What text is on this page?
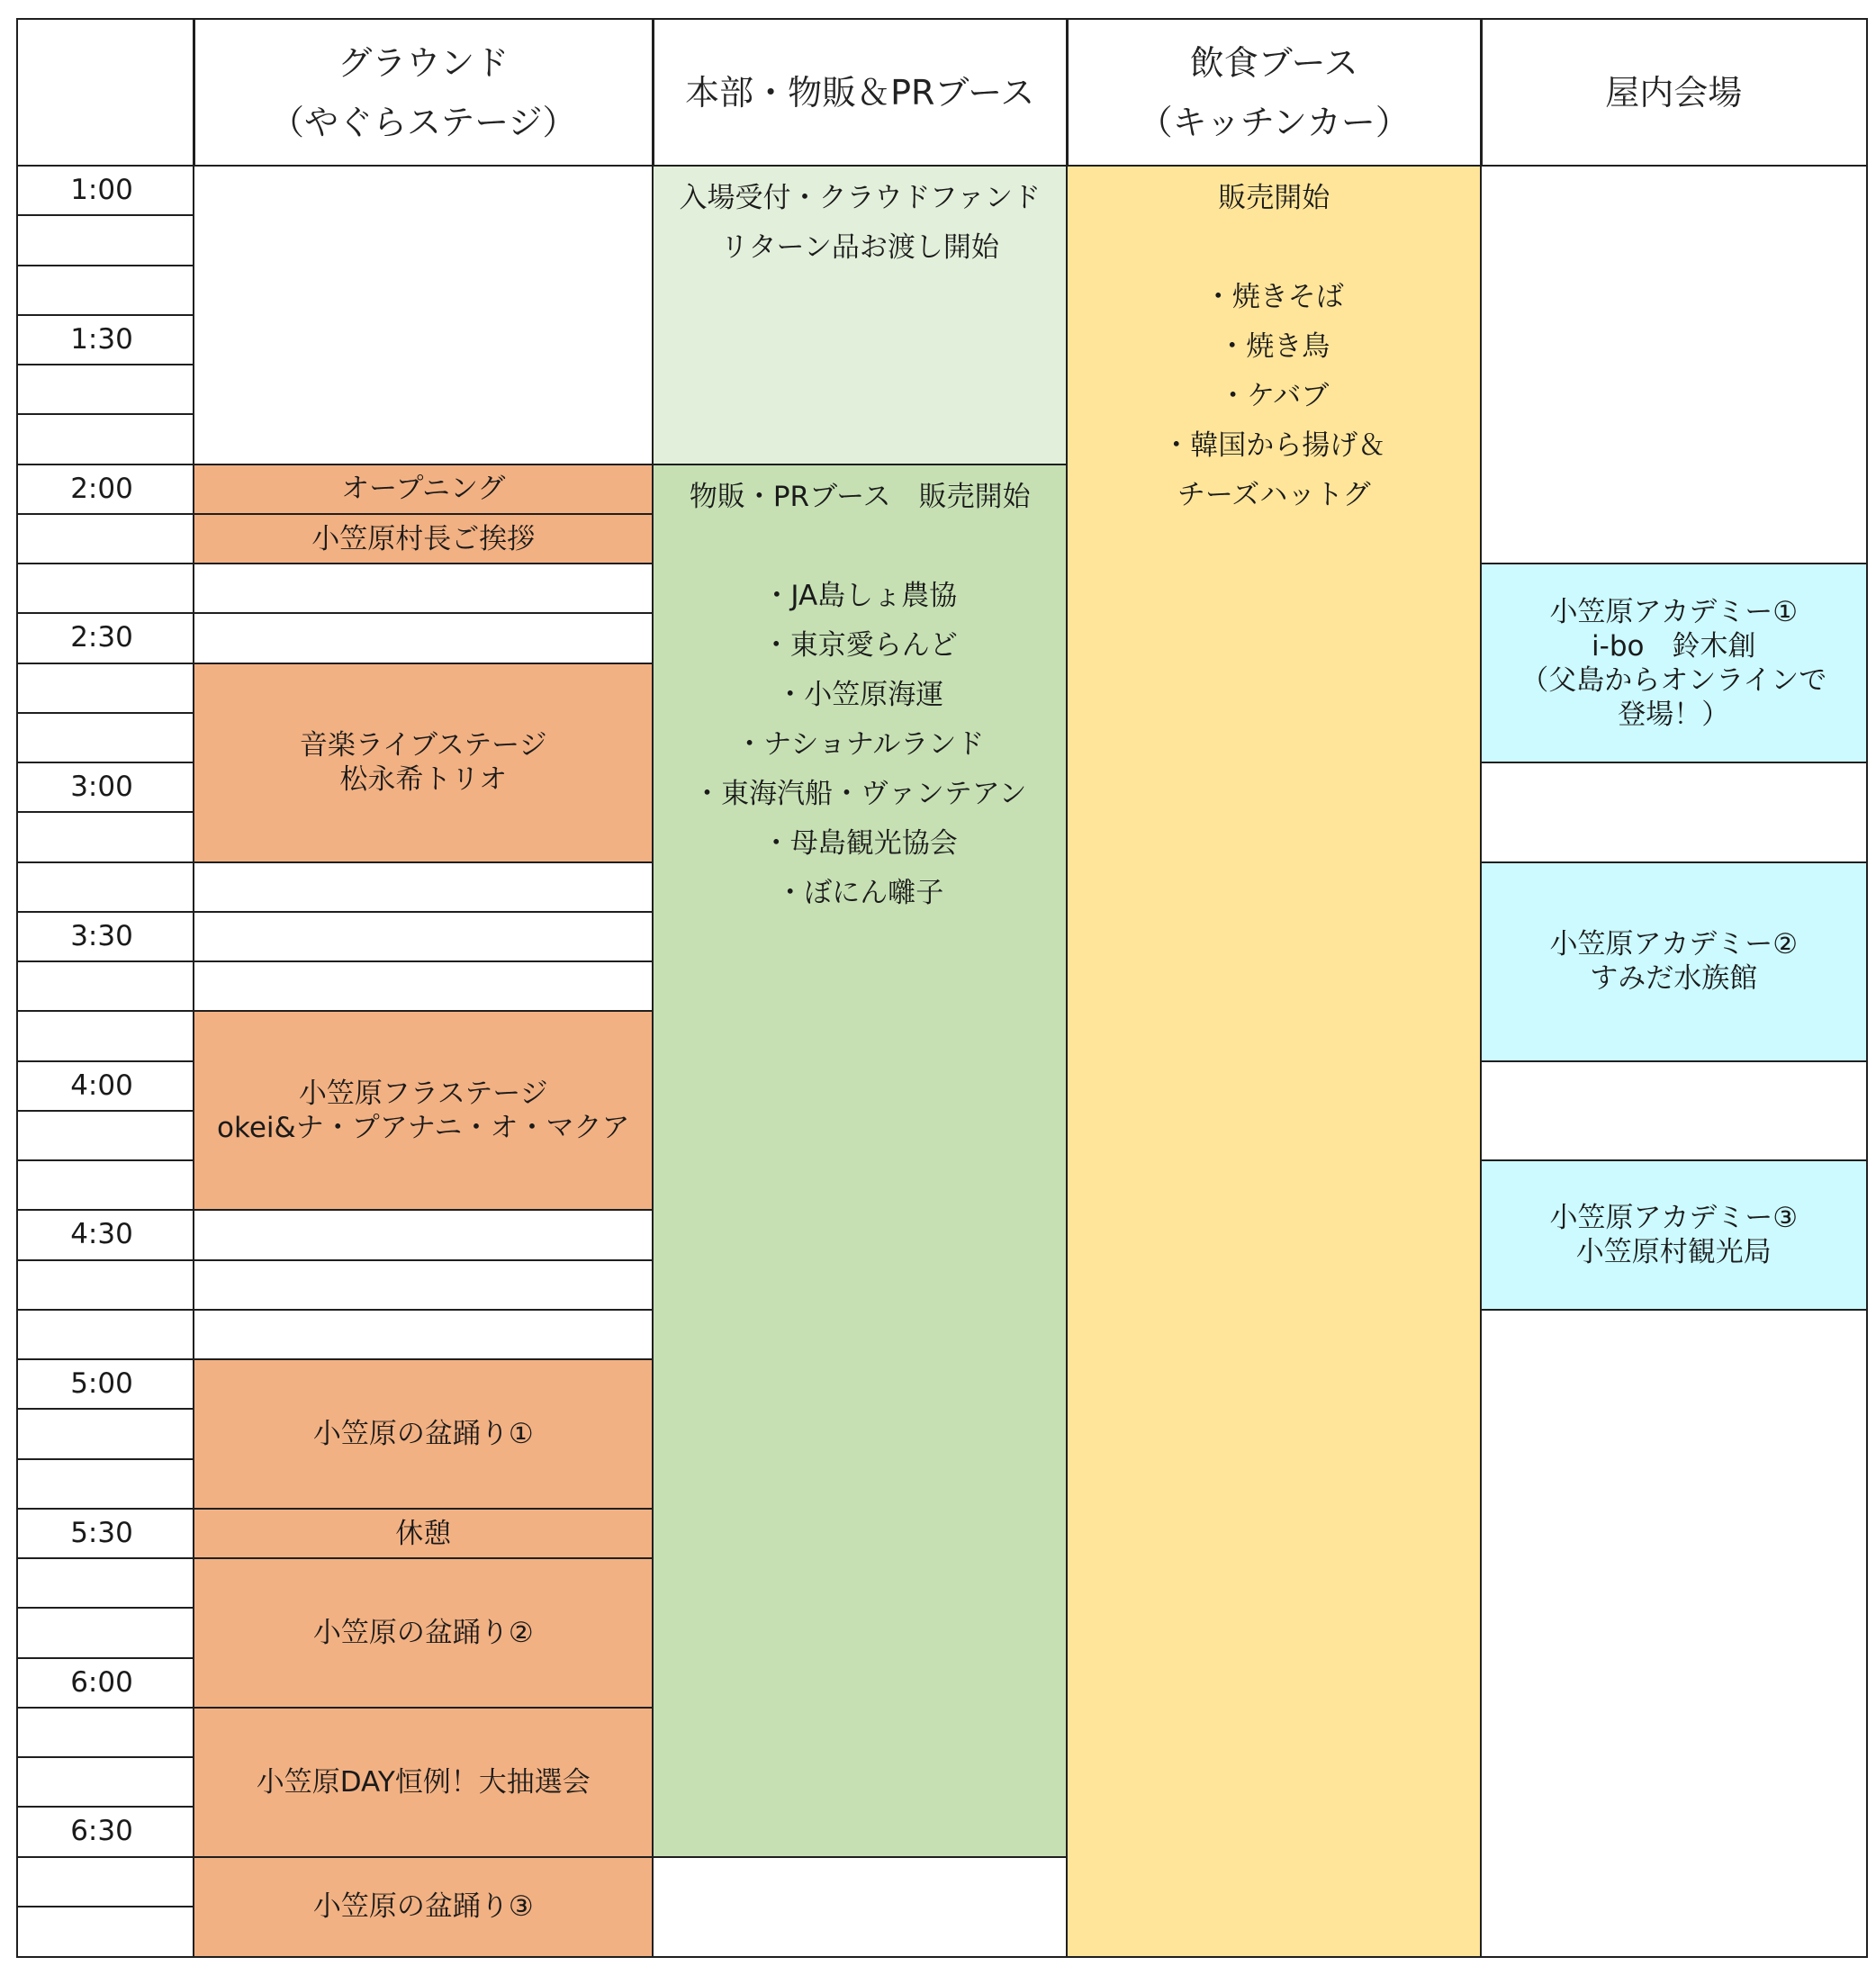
グラウンド
（やぐらステージ）
本部・物販＆PRブース
飲食ブース
（キッチンカー）
屋内会場
1:00
1:30
2:00
2:30
3:00
3:30
4:00
4:30
5:00
5:30
6:00
6:30
オープニング
小笠原村長ご挨拶
音楽ライブステージ
松永希トリオ
小笠原フラステージ
okei&ナ・プアナニ・オ・マクア
小笠原の盆踊り①
休憩
小笠原の盆踊り②
小笠原DAY恒例！大抽選会
小笠原の盆踊り③
入場受付・クラウドファンド
リターン品お渡し開始
物販・PRブース　販売開始

・JA島しょ農協
・東京愛らんど
・小笠原海運
・ナショナルランド
・東海汽船・ヴァンテアン
・母島観光協会
・ぼにん囃子
販売開始

・焼きそば
・焼き鳥
・ケバブ
・韓国から揚げ＆
チーズハットグ
小笠原アカデミー①
i-bo　鈴木創
（父島からオンラインで
登場！）
小笠原アカデミー②
すみだ水族館
小笠原アカデミー③
小笠原村観光局
